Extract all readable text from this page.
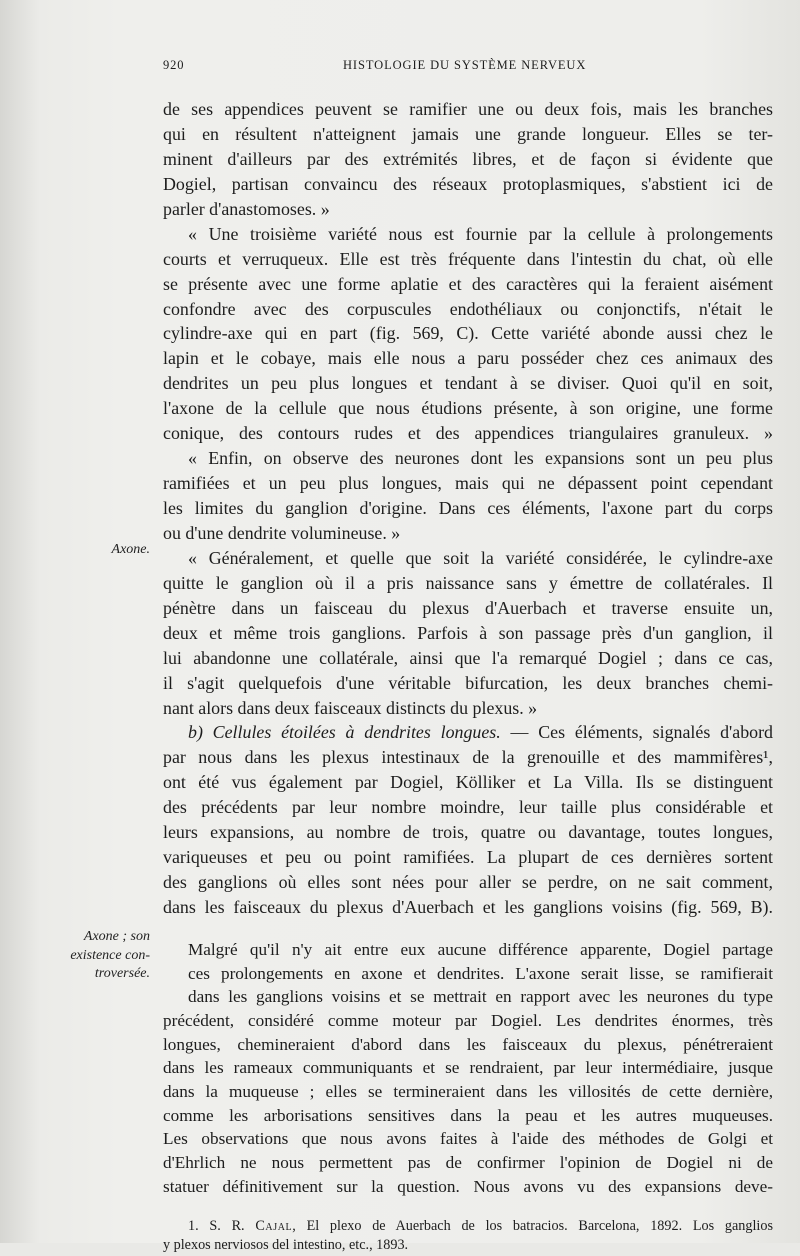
920	HISTOLOGIE DU SYSTÈME NERVEUX
Axone.
Axone ; son
existence con-
troversée.
de ses appendices peuvent se ramifier une ou deux fois, mais les branches
qui en résultent n'atteignent jamais une grande longueur. Elles se ter-
minent d'ailleurs par des extrémités libres, et de façon si évidente que
Dogiel, partisan convaincu des réseaux protoplasmiques, s'abstient ici de
parler d'anastomoses. »
« Une troisième variété nous est fournie par la cellule à prolongements
courts et verruqueux. Elle est très fréquente dans l'intestin du chat, où elle
se présente avec une forme aplatie et des caractères qui la feraient aisément
confondre avec des corpuscules endothéliaux ou conjonctifs, n'était le
cylindre-axe qui en part (fig. 569, C). Cette variété abonde aussi chez le
lapin et le cobaye, mais elle nous a paru posséder chez ces animaux des
dendrites un peu plus longues et tendant à se diviser. Quoi qu'il en soit,
l'axone de la cellule que nous étudions présente, à son origine, une forme
conique, des contours rudes et des appendices triangulaires granuleux. »
« Enfin, on observe des neurones dont les expansions sont un peu plus
ramifiées et un peu plus longues, mais qui ne dépassent point cependant
les limites du ganglion d'origine. Dans ces éléments, l'axone part du corps
ou d'une dendrite volumineuse. »
« Généralement, et quelle que soit la variété considérée, le cylindre-axe
quitte le ganglion où il a pris naissance sans y émettre de collatérales. Il
pénètre dans un faisceau du plexus d'Auerbach et traverse ensuite un,
deux et même trois ganglions. Parfois à son passage près d'un ganglion, il
lui abandonne une collatérale, ainsi que l'a remarqué Dogiel ; dans ce cas,
il s'agit quelquefois d'une véritable bifurcation, les deux branches chemi-
nant alors dans deux faisceaux distincts du plexus. »
b) Cellules étoilées à dendrites longues. — Ces éléments, signalés d'abord
par nous dans les plexus intestinaux de la grenouille et des mammifères¹,
ont été vus également par Dogiel, Kölliker et La Villa. Ils se distinguent
des précédents par leur nombre moindre, leur taille plus considérable et
leurs expansions, au nombre de trois, quatre ou davantage, toutes longues,
variqueuses et peu ou point ramifiées. La plupart de ces dernières sortent
des ganglions où elles sont nées pour aller se perdre, on ne sait comment,
dans les faisceaux du plexus d'Auerbach et les ganglions voisins (fig. 569, B).
Malgré qu'il n'y ait entre eux aucune différence apparente, Dogiel partage
ces prolongements en axone et dendrites. L'axone serait lisse, se ramifierait
dans les ganglions voisins et se mettrait en rapport avec les neurones du type
précédent, considéré comme moteur par Dogiel. Les dendrites énormes, très
longues, chemineraient d'abord dans les faisceaux du plexus, pénétreraient
dans les rameaux communiquants et se rendraient, par leur intermédiaire, jusque
dans la muqueuse ; elles se termineraient dans les villosités de cette dernière,
comme les arborisations sensitives dans la peau et les autres muqueuses.
Les observations que nous avons faites à l'aide des méthodes de Golgi et
d'Ehrlich ne nous permettent pas de confirmer l'opinion de Dogiel ni de
statuer définitivement sur la question. Nous avons vu des expansions deve-
1. S. R. Cajal, El plexo de Auerbach de los batracios. Barcelona, 1892. Los ganglios
y plexos nerviosos del intestino, etc., 1893.
